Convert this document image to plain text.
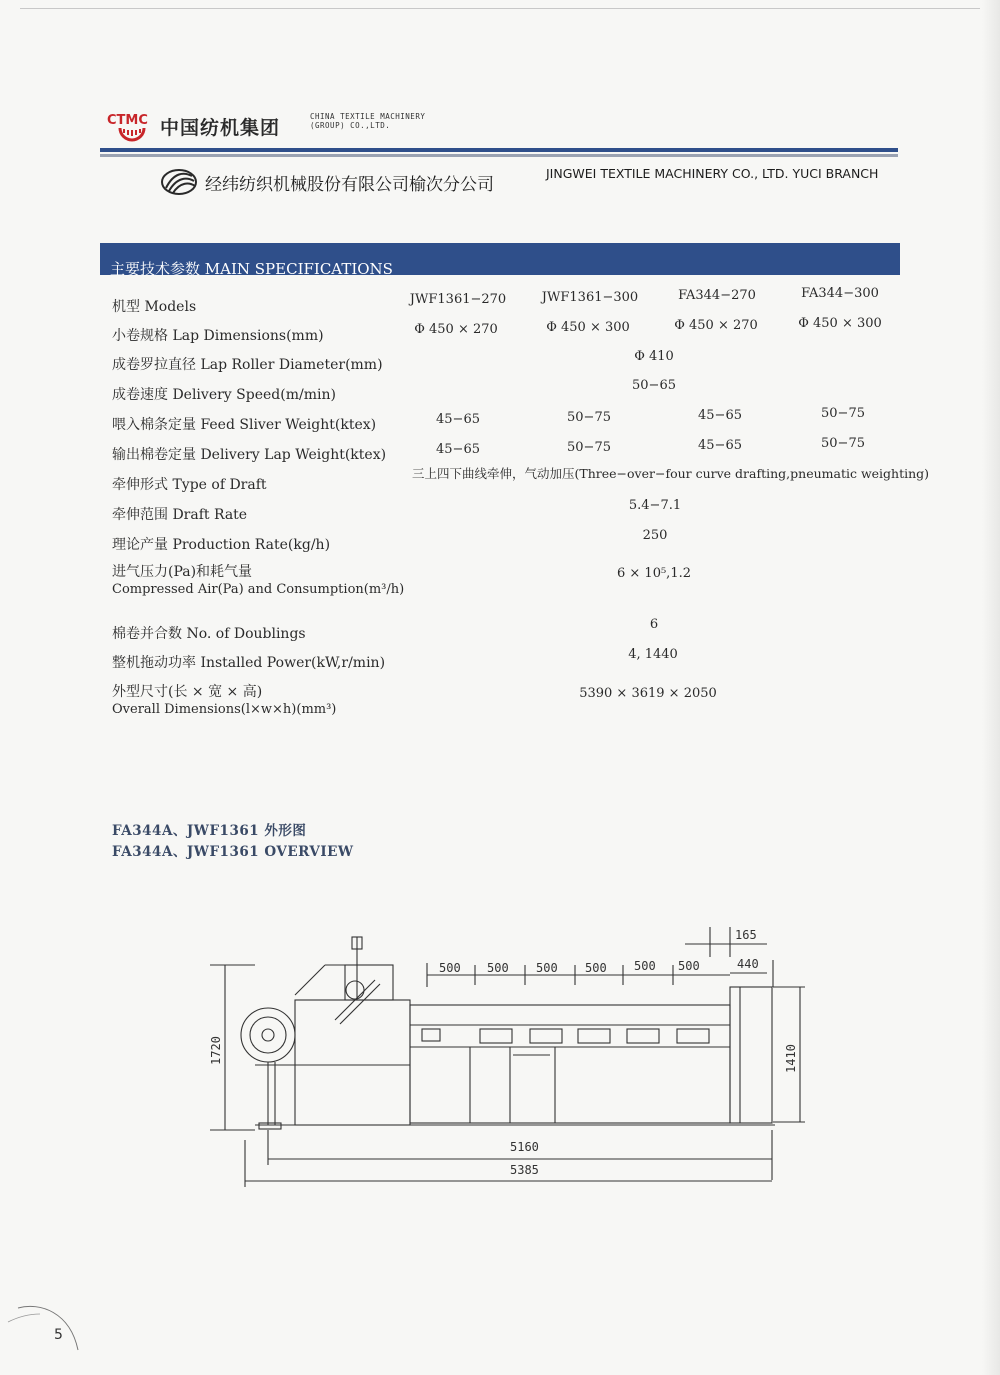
CTMC 中国纺机集团
CHINA TEXTILE MACHINERY
(GROUP) CO.,LTD.
经纬纺织机械股份有限公司榆次分公司
JINGWEI TEXTILE MACHINERY CO., LTD. YUCI BRANCH
主要技术参数 MAIN SPECIFICATIONS
机型 Models	JWF1361−270	JWF1361−300	FA344−270	FA344−300
小卷规格 Lap Dimensions(mm)	Φ 450 × 270	Φ 450 × 300	Φ 450 × 270	Φ 450 × 300
成卷罗拉直径 Lap Roller Diameter(mm)
Φ 410
成卷速度 Delivery Speed(m/min)
50−65
喂入棉条定量 Feed Sliver Weight(ktex)	45−65	50−75	45−65	50−75
输出棉卷定量 Delivery Lap Weight(ktex)	45−65	50−75	45−65	50−75
牵伸形式 Type of Draft
三上四下曲线牵伸，气动加压(Three−over−four curve drafting,pneumatic weighting)
牵伸范围 Draft Rate
5.4−7.1
理论产量 Production Rate(kg/h)
250
进气压力(Pa)和耗气量
Compressed Air(Pa) and Consumption(m³/h)
6 × 10⁵,1.2
棉卷并合数 No. of Doublings
6
整机拖动功率 Installed Power(kW,r/min)
4, 1440
外型尺寸(长 × 宽 × 高)
Overall Dimensions(l×w×h)(mm³)
5390 × 3619 × 2050
FA344A、JWF1361 外形图
FA344A、JWF1361 OVERVIEW
165
440
500 500 500 500 500 500
1720	1410
5160
5385
5
